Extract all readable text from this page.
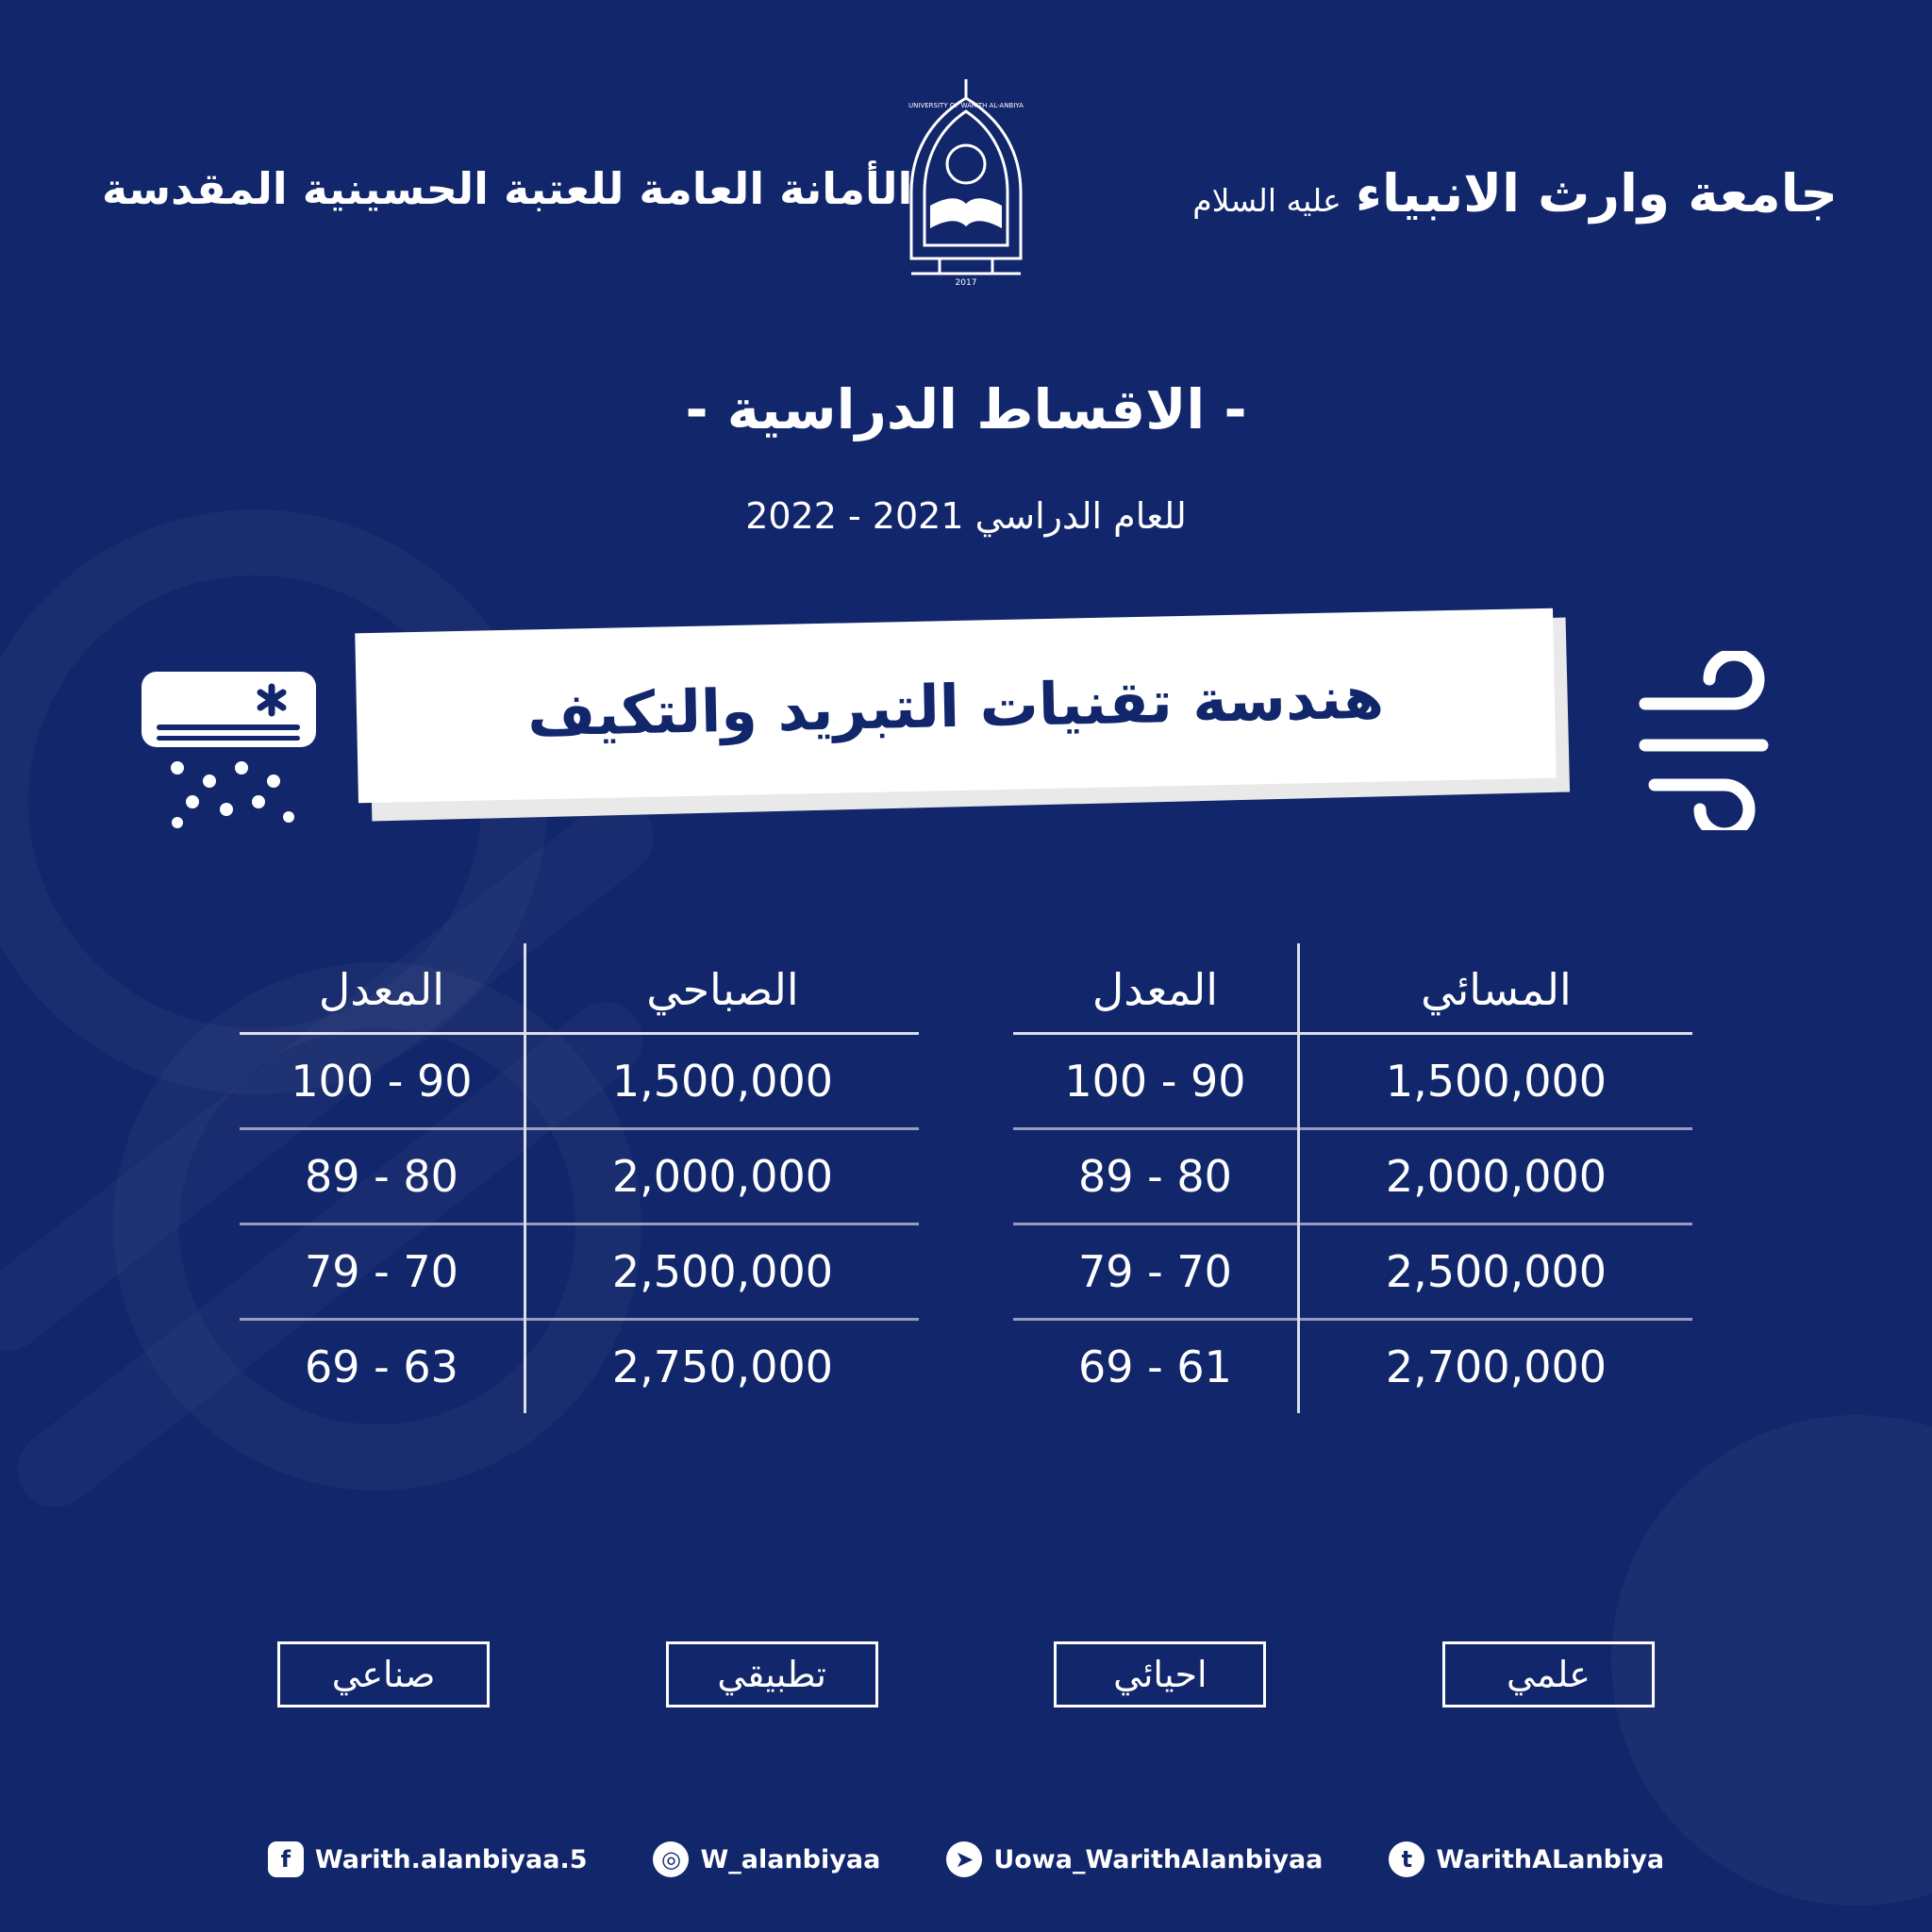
جامعة وارث الانبياء عليه السلام
2017
UNIVERSITY OF WARITH AL-ANBIYA
الأمانة العامة للعتبة الحسينية المقدسة
- الاقساط الدراسية -
للعام الدراسي 2021 - 2022
هندسة تقنيات التبريد والتكيف
المسائي	المعدل
1,500,000	90 - 100
2,000,000	80 - 89
2,500,000	70 - 79
2,700,000	61 - 69
الصباحي	المعدل
1,500,000	90 - 100
2,000,000	80 - 89
2,500,000	70 - 79
2,750,000	63 - 69
علمي
احيائي
تطبيقي
صناعي
f Warith.alanbiyaa.5	◎ W_alanbiyaa	➤ Uowa_WarithAlanbiyaa	t WarithALanbiya
